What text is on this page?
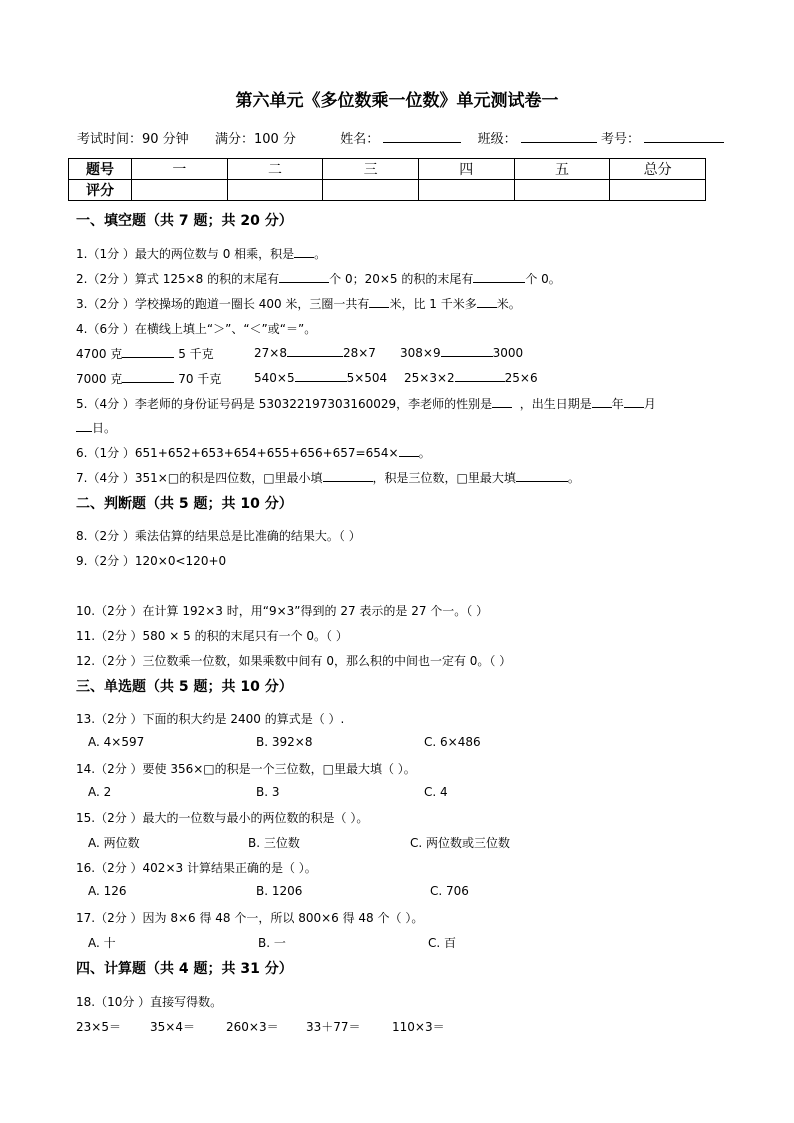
第六单元《多位数乘一位数》单元测试卷一
考试时间：90 分钟 满分：100 分	姓名：	班级：	考号：
题号	一	二	三	四	五	总分
评分						
一、填空题（共 7 题；共 20 分）
1.（1分 ）最大的两位数与 0 相乘，积是 。
2.（2分 ）算式 125×8 的积的末尾有	个 0；20×5 的积的末尾有	个 0。
3.（2分 ）学校操场的跑道一圈长 400 米，三圈一共有 米，比 1 千米多 米。
4.（6分 ）在横线上填上“＞”、“＜”或“＝”。
4700 克	5 千克	27×8	28×7 308×9	3000
7000 克	70 千克	540×5	5×504 25×3×2	25×6
5.（4分 ）李老师的身份证号码是 530322197303160029，李老师的性别是 ，出生日期是 年 月
日。
6.（1分 ）651+652+653+654+655+656+657=654× 。
7.（4分 ）351×□的积是四位数，□里最小填	，积是三位数，□里最大填	。
二、判断题（共 5 题；共 10 分）
8.（2分 ）乘法估算的结果总是比准确的结果大。（ ）
9.（2分 ）120×0<120+0
10.（2分 ）在计算 192×3 时，用“9×3”得到的 27 表示的是 27 个一。（ ）
11.（2分 ）580 × 5 的积的末尾只有一个 0。（ ）
12.（2分 ）三位数乘一位数，如果乘数中间有 0，那么积的中间也一定有 0。（ ）
三、单选题（共 5 题；共 10 分）
13.（2分 ）下面的积大约是 2400 的算式是（ ）.
A. 4×597	B. 392×8	C. 6×486
14.（2分 ）要使 356×□的积是一个三位数，□里最大填（ ）。
A. 2	B. 3	C. 4
15.（2分 ）最大的一位数与最小的两位数的积是（ ）。
A. 两位数	B. 三位数	C. 两位数或三位数
16.（2分 ）402×3 计算结果正确的是（ ）。
A. 126	B. 1206	C. 706
17.（2分 ）因为 8×6 得 48 个一，所以 800×6 得 48 个（ ）。
A. 十	B. 一	C. 百
四、计算题（共 4 题；共 31 分）
18.（10分 ）直接写得数。
23×5＝ 35×4＝	260×3＝ 33＋77＝	110×3＝
